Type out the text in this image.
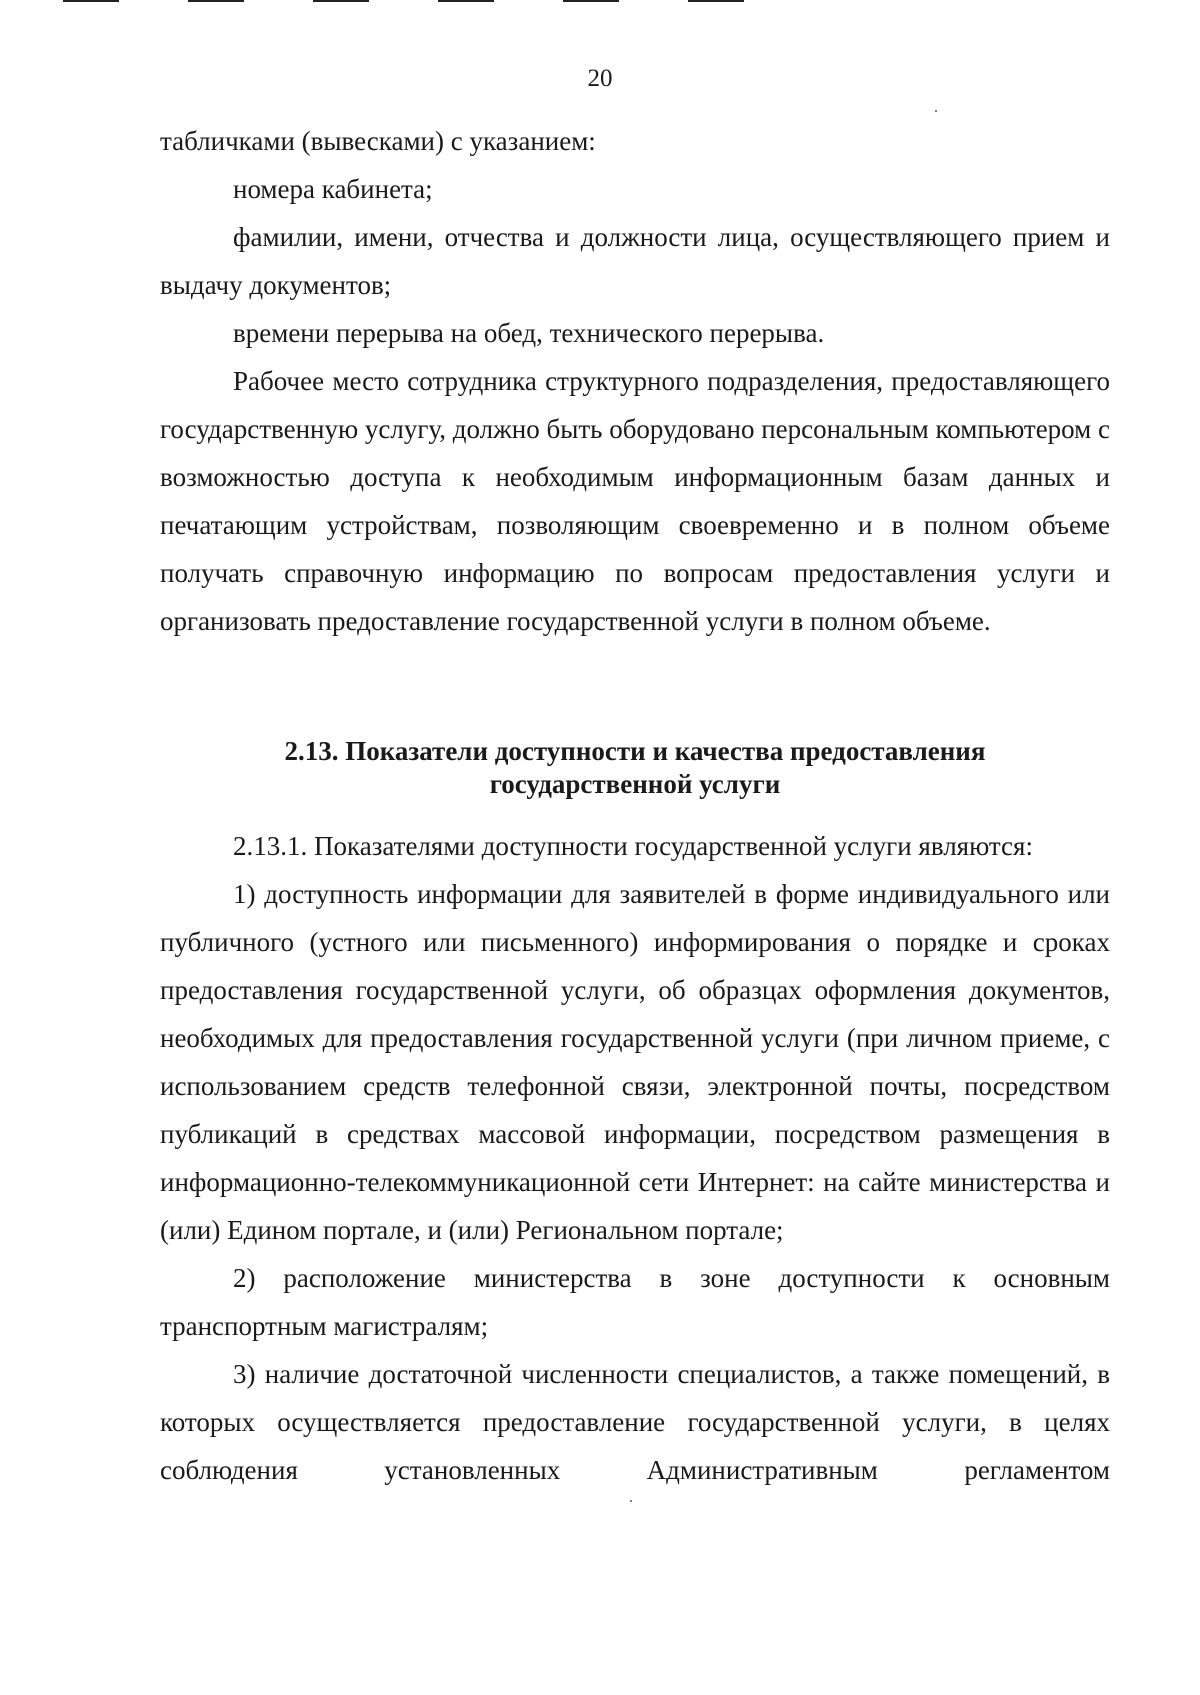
20

табличками (вывесками) с указанием:

номера кабинета;

фамилии, имени, отчества и должности лица, осуществляющего прием и выдачу документов;

времени перерыва на обед, технического перерыва.

Рабочее место сотрудника структурного подразделения, предоставляющего государственную услугу, должно быть оборудовано персональным компьютером с возможностью доступа к необходимым информационным базам данных и печатающим устройствам, позволяющим своевременно и в полном объеме получать справочную информацию по вопросам предоставления услуги и организовать предоставление государственной услуги в полном объеме.

2.13. Показатели доступности и качества предоставления
государственной услуги

2.13.1. Показателями доступности государственной услуги являются:

1) доступность информации для заявителей в форме индивидуального или публичного (устного или письменного) информирования о порядке и сроках предоставления государственной услуги, об образцах оформления документов, необходимых для предоставления государственной услуги (при личном приеме, с использованием средств телефонной связи, электронной почты, посредством публикаций в средствах массовой информации, посредством размещения в информационно-телекоммуникационной сети Интернет: на сайте министерства и (или) Едином портале, и (или) Региональном портале;

2) расположение министерства в зоне доступности к основным транспортным магистралям;

3) наличие достаточной численности специалистов, а также помещений, в которых осуществляется предоставление государственной услуги, в целях соблюдения установленных Административным регламентом
